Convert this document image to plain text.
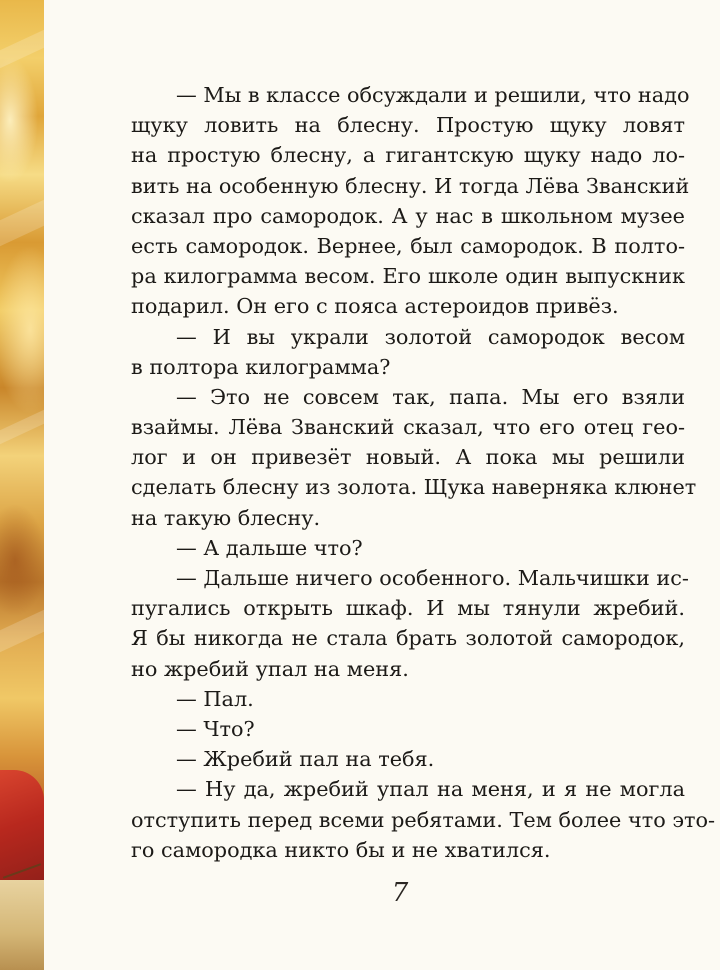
— Мы в классе обсуждали и решили, что надо
щуку ловить на блесну. Простую щуку ловят
на простую блесну, а гигантскую щуку надо ло-
вить на особенную блесну. И тогда Лёва Званский
сказал про самородок. А у нас в школьном музее
есть самородок. Вернее, был самородок. В полто-
ра килограмма весом. Его школе один выпускник
подарил. Он его с пояса астероидов привёз.
— И вы украли золотой самородок весом
в полтора килограмма?
— Это не совсем так, папа. Мы его взяли
взаймы. Лёва Званский сказал, что его отец гео-
лог и он привезёт новый. А пока мы решили
сделать блесну из золота. Щука наверняка клюнет
на такую блесну.
— А дальше что?
— Дальше ничего особенного. Мальчишки ис-
пугались открыть шкаф. И мы тянули жребий.
Я бы никогда не стала брать золотой самородок,
но жребий упал на меня.
— Пал.
— Что?
— Жребий пал на тебя.
— Ну да, жребий упал на меня, и я не могла
отступить перед всеми ребятами. Тем более что это-
го самородка никто бы и не хватился.
7
